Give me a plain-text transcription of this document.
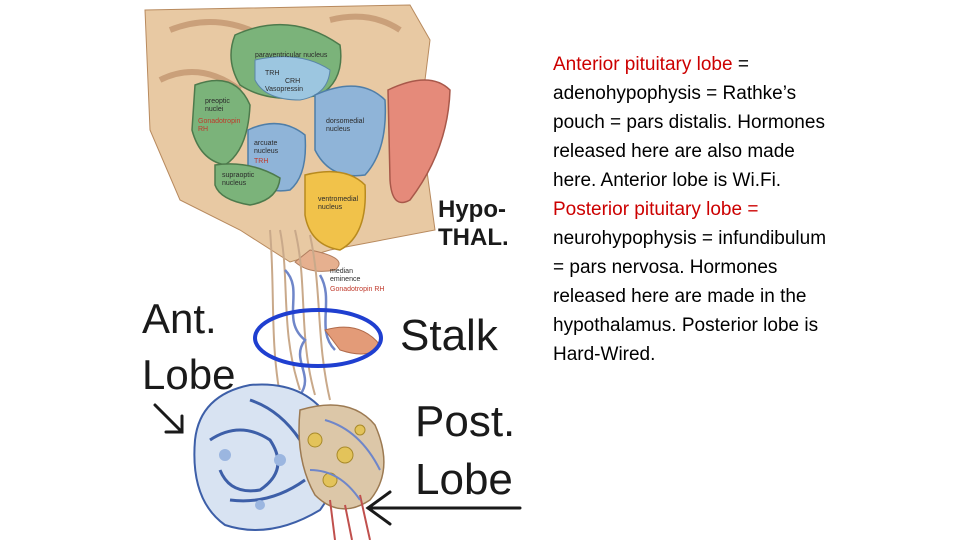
paraventricular nucleus
TRH
CRH
Vasopressin
preoptic nuclei
Gonadotropin RH
dorsomedial nucleus
arcuate nucleus
TRH
supraoptic nucleus
ventromedial nucleus
median eminence
Gonadotropin RH
Hypo-
THAL.
Ant.
Lobe
Stalk
Post.
Lobe
Anterior pituitary lobe = adenohypophysis = Rathke’s pouch = pars distalis. Hormones released here are also made here. Anterior lobe is Wi.Fi.
Posterior pituitary lobe = neurohypophysis = infundibulum = pars nervosa. Hormones released here are made in the hypothalamus. Posterior lobe is Hard-Wired.
